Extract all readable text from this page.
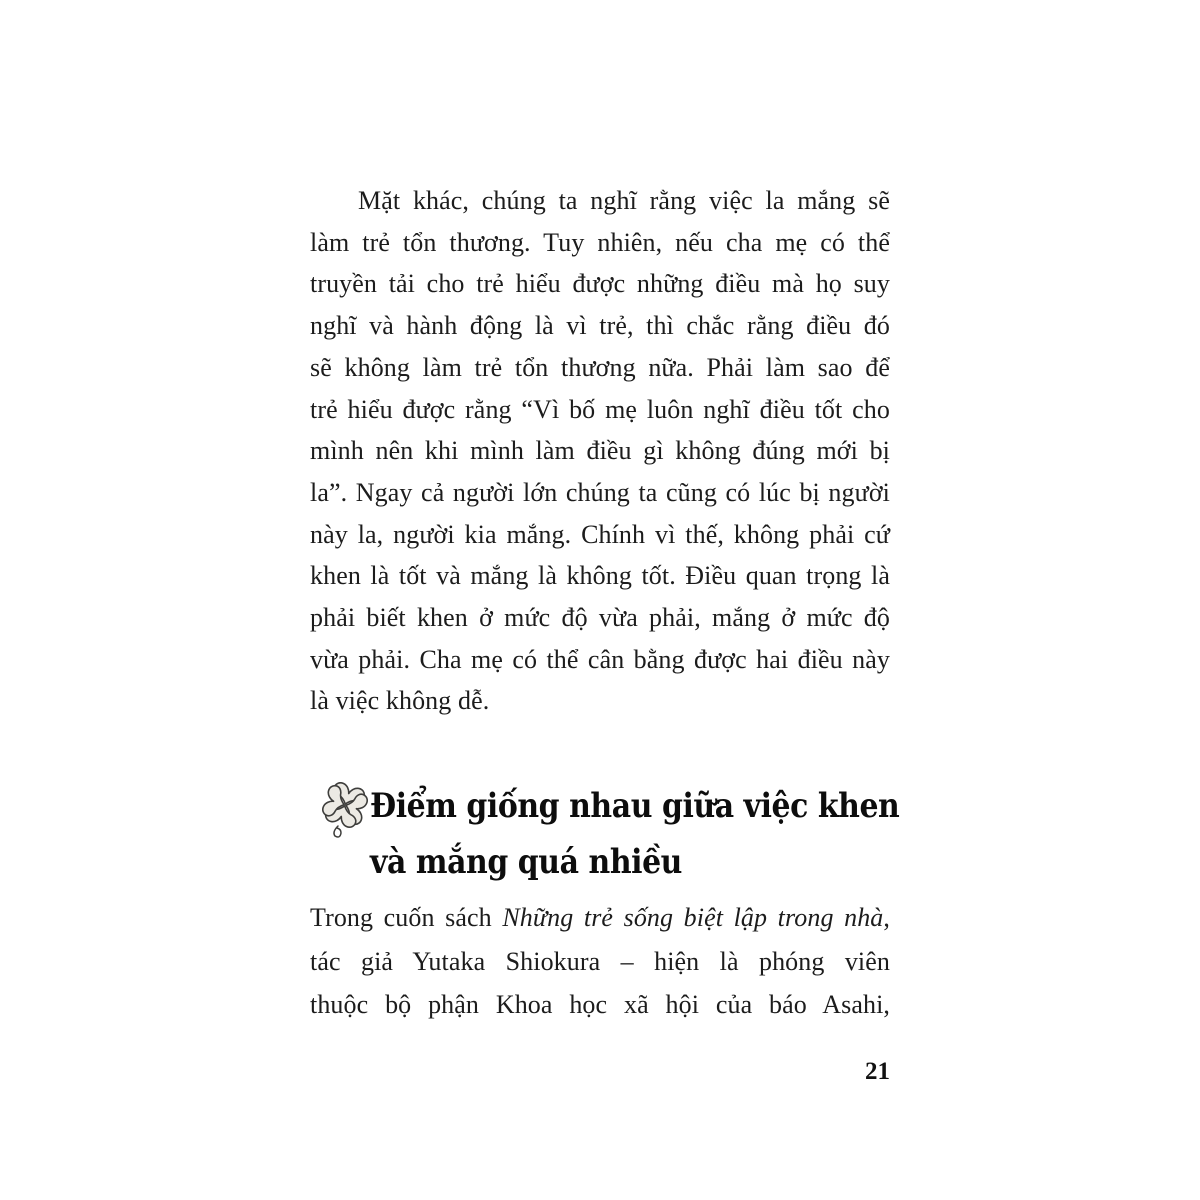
Mặt khác, chúng ta nghĩ rằng việc la mắng sẽ
làm trẻ tổn thương. Tuy nhiên, nếu cha mẹ có thể
truyền tải cho trẻ hiểu được những điều mà họ suy
nghĩ và hành động là vì trẻ, thì chắc rằng điều đó
sẽ không làm trẻ tổn thương nữa. Phải làm sao để
trẻ hiểu được rằng “Vì bố mẹ luôn nghĩ điều tốt cho
mình nên khi mình làm điều gì không đúng mới bị
la”. Ngay cả người lớn chúng ta cũng có lúc bị người
này la, người kia mắng. Chính vì thế, không phải cứ
khen là tốt và mắng là không tốt. Điều quan trọng là
phải biết khen ở mức độ vừa phải, mắng ở mức độ
vừa phải. Cha mẹ có thể cân bằng được hai điều này
là việc không dễ.
Điểm giống nhau giữa việc khen
và mắng quá nhiều
Trong cuốn sách Những trẻ sống biệt lập trong nhà,
tác giả Yutaka Shiokura – hiện là phóng viên
thuộc bộ phận Khoa học xã hội của báo Asahi,
21
